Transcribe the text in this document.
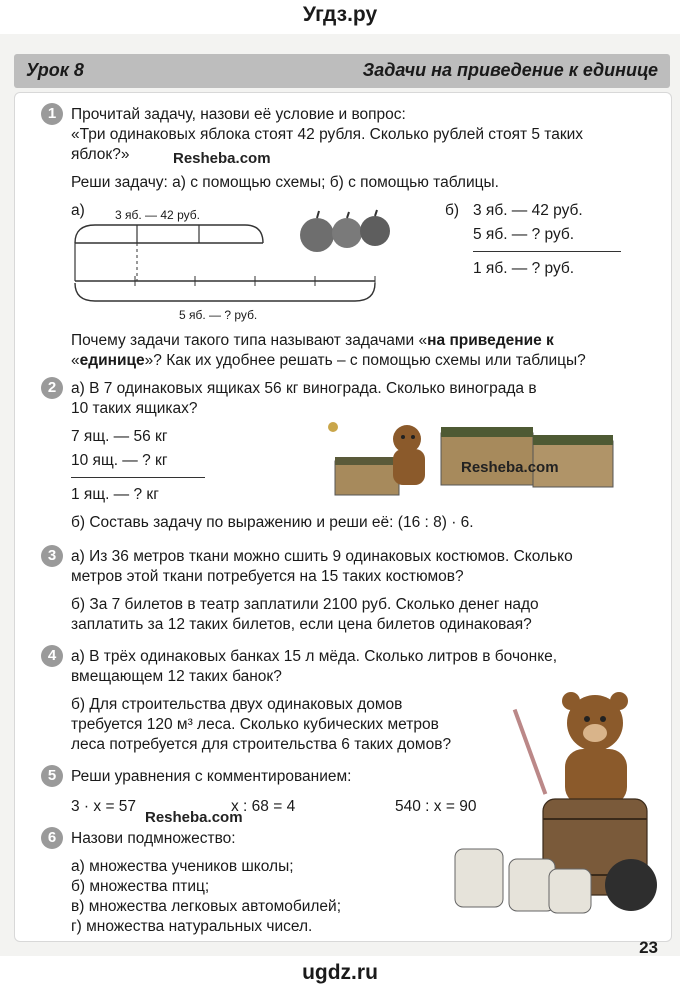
Угдз.ру
Урок 8	Задачи на приведение к единице
1 Прочитай задачу, назови её условие и вопрос:
«Три одинаковых яблока стоят 42 рубля. Сколько рублей стоят 5 таких
яблок?»	Resheba.com
Реши задачу: а) с помощью схемы; б) с помощью таблицы.
а)	3 яб. — 42 руб.
5 яб. — ? руб.
б) 3 яб. — 42 руб.
5 яб. — ? руб.
1 яб. — ? руб.
Почему задачи такого типа называют задачами «на приведение к
«единице»? Как их удобнее решать – с помощью схемы или таблицы?
2 а) В 7 одинаковых ящиках 56 кг винограда. Сколько винограда в
10 таких ящиках?
7 ящ. — 56 кг
10 ящ. — ? кг
1 ящ. — ? кг
Resheba.com
б) Составь задачу по выражению и реши её: (16 : 8) · 6.
3 а) Из 36 метров ткани можно сшить 9 одинаковых костюмов. Сколько
метров этой ткани потребуется на 15 таких костюмов?
б) За 7 билетов в театр заплатили 2100 руб. Сколько денег надо
заплатить за 12 таких билетов, если цена билетов одинаковая?
4 а) В трёх одинаковых банках 15 л мёда. Сколько литров в бочонке,
вмещающем 12 таких банок?
б) Для строительства двух одинаковых домов
требуется 120 м³ леса. Сколько кубических метров
леса потребуется для строительства 6 таких домов?
5 Реши уравнения с комментированием:
3 · x = 57	x : 68 = 4	540 : x = 90
Resheba.com
6 Назови подмножество:
а) множества учеников школы;
б) множества птиц;
в) множества легковых автомобилей;
г) множества натуральных чисел.
23
ugdz.ru
